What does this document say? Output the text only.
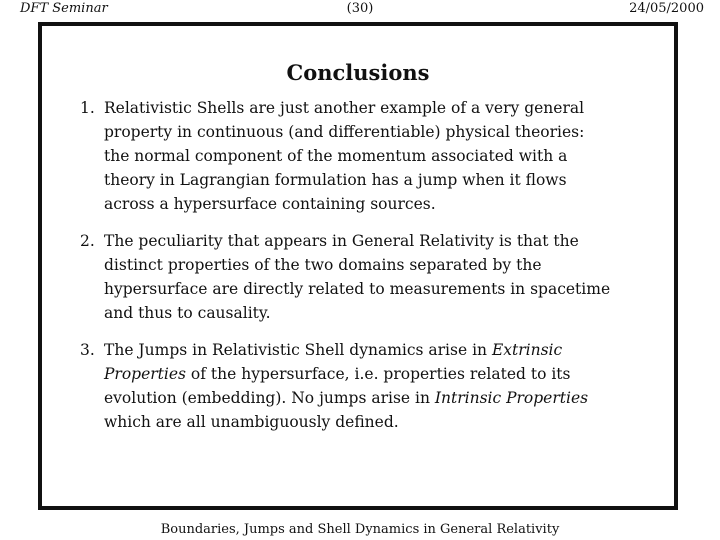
DFT Seminar	(30)	24/05/2000
Conclusions
1. Relativistic Shells are just another example of a very general
property in continuous (and differentiable) physical theories:
the normal component of the momentum associated with a
theory in Lagrangian formulation has a jump when it flows
across a hypersurface containing sources.
2. The peculiarity that appears in General Relativity is that the
distinct properties of the two domains separated by the
hypersurface are directly related to measurements in spacetime
and thus to causality.
3. The Jumps in Relativistic Shell dynamics arise in Extrinsic
Properties of the hypersurface, i.e. properties related to its
evolution (embedding). No jumps arise in Intrinsic Properties
which are all unambiguously defined.
Boundaries, Jumps and Shell Dynamics in General Relativity
